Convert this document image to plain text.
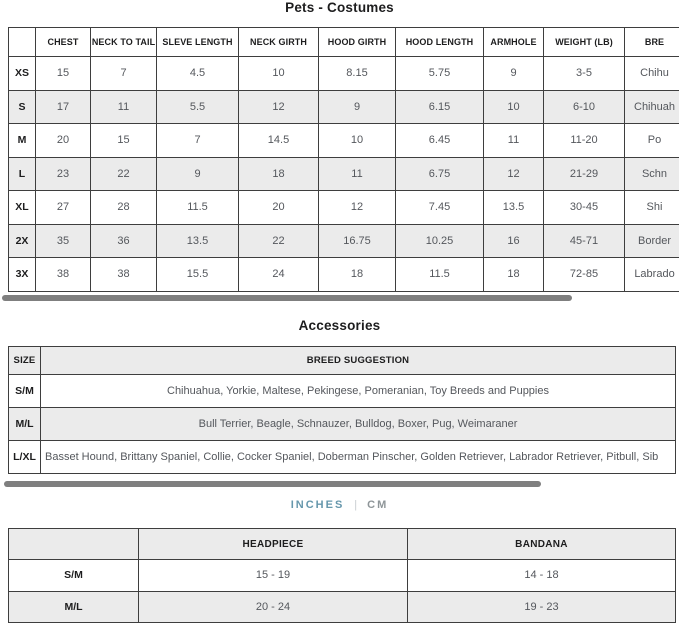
Pets - Costumes
	CHEST	NECK TO TAIL	SLEVE LENGTH	NECK GIRTH	HOOD GIRTH	HOOD LENGTH	ARMHOLE	WEIGHT (LB)	BRE
XS	15	7	4.5	10	8.15	5.75	9	3-5	Chihu
S	17	11	5.5	12	9	6.15	10	6-10	Chihuah
M	20	15	7	14.5	10	6.45	11	11-20	Po
L	23	22	9	18	11	6.75	12	21-29	Schn
XL	27	28	11.5	20	12	7.45	13.5	30-45	Shi
2X	35	36	13.5	22	16.75	10.25	16	45-71	Border
3X	38	38	15.5	24	18	11.5	18	72-85	Labrado
Accessories
SIZE	BREED SUGGESTION
S/M	Chihuahua, Yorkie, Maltese, Pekingese, Pomeranian, Toy Breeds and Puppies
M/L	Bull Terrier, Beagle, Schnauzer, Bulldog, Boxer, Pug, Weimaraner
L/XL	Basset Hound, Brittany Spaniel, Collie, Cocker Spaniel, Doberman Pinscher, Golden Retriever, Labrador Retriever, Pitbull, Sib
INCHES | CM
	HEADPIECE	BANDANA
S/M	15 - 19	14 - 18
M/L	20 - 24	19 - 23
